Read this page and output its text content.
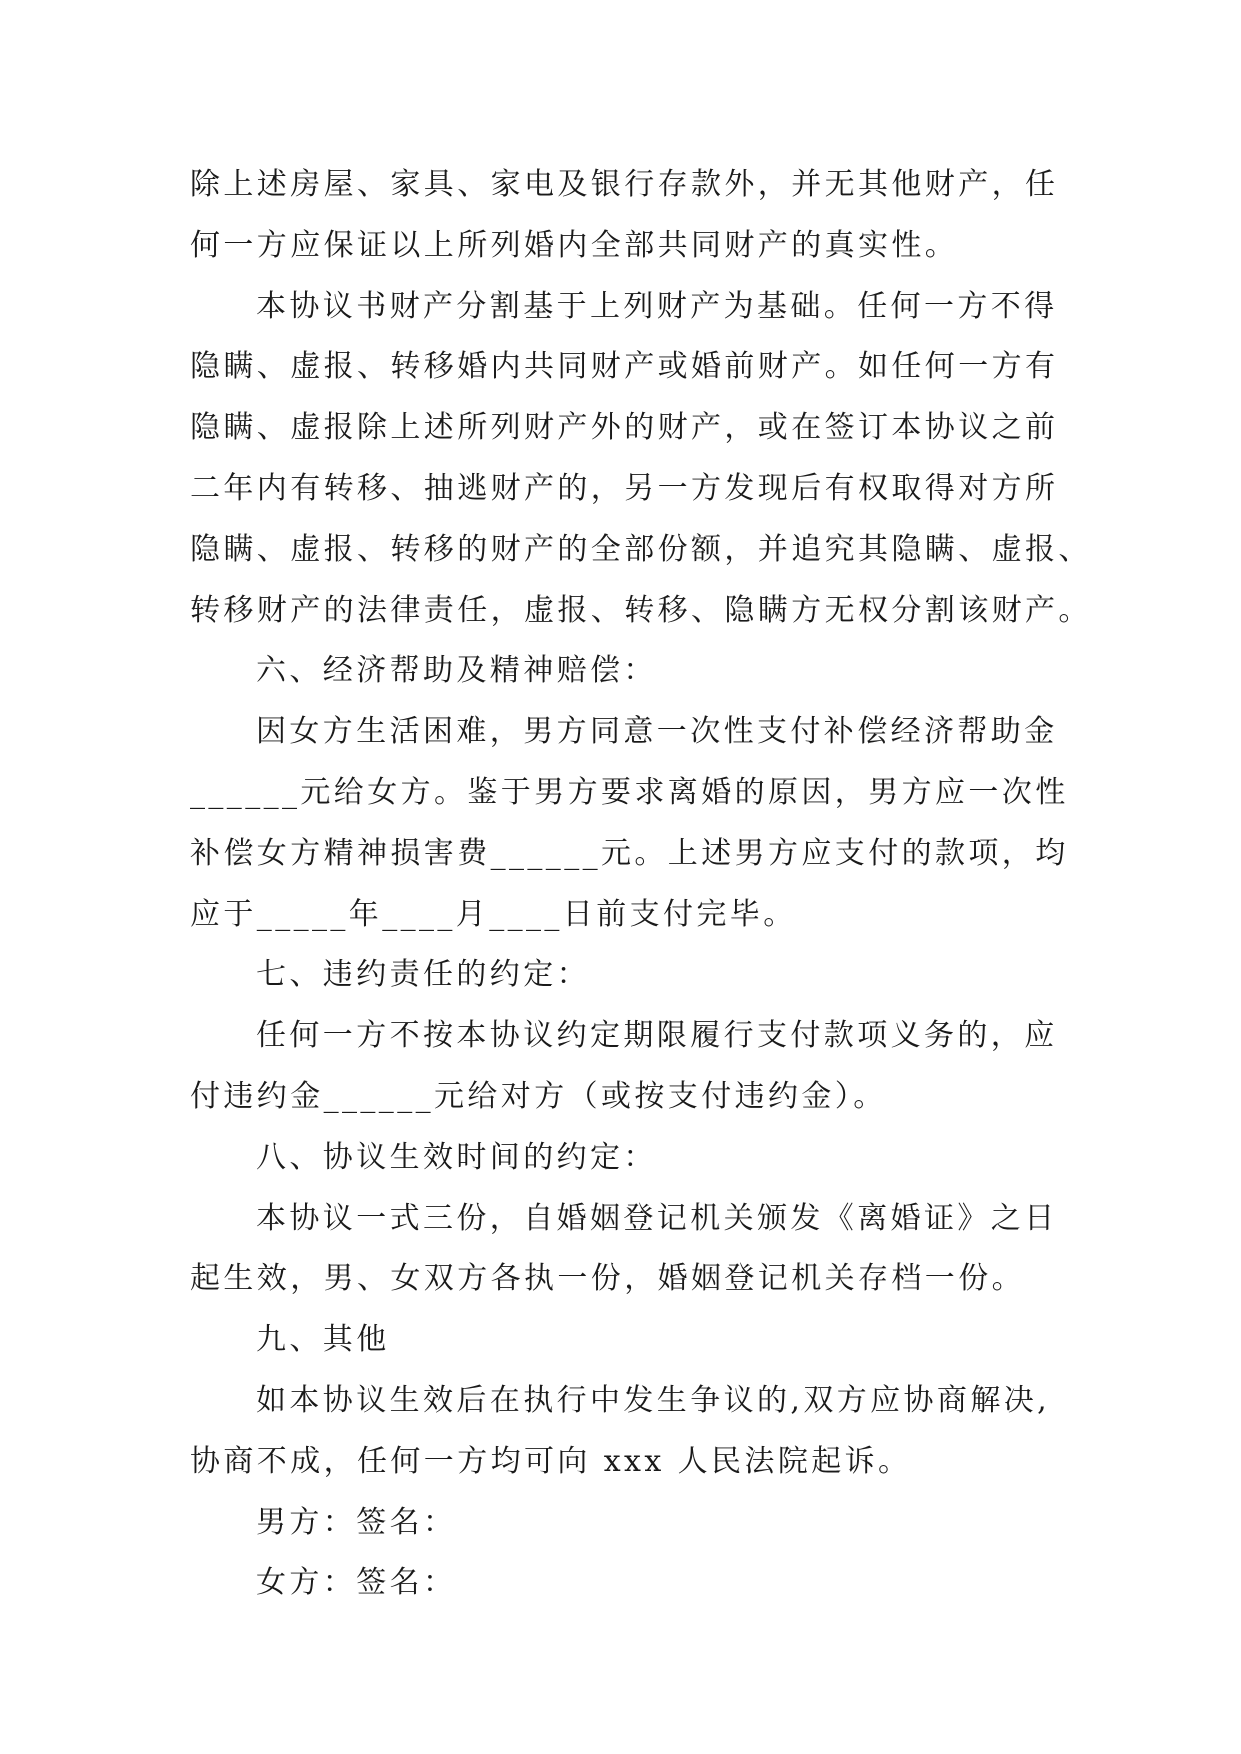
除上述房屋、家具、家电及银行存款外，并无其他财产，任
何一方应保证以上所列婚内全部共同财产的真实性。
本协议书财产分割基于上列财产为基础。任何一方不得
隐瞒、虚报、转移婚内共同财产或婚前财产。如任何一方有
隐瞒、虚报除上述所列财产外的财产，或在签订本协议之前
二年内有转移、抽逃财产的，另一方发现后有权取得对方所
隐瞒、虚报、转移的财产的全部份额，并追究其隐瞒、虚报、
转移财产的法律责任，虚报、转移、隐瞒方无权分割该财产。
六、经济帮助及精神赔偿：
因女方生活困难，男方同意一次性支付补偿经济帮助金
______元给女方。鉴于男方要求离婚的原因，男方应一次性
补偿女方精神损害费______元。上述男方应支付的款项，均
应于_____年____月____日前支付完毕。
七、违约责任的约定：
任何一方不按本协议约定期限履行支付款项义务的，应
付违约金______元给对方（或按支付违约金）。
八、协议生效时间的约定：
本协议一式三份，自婚姻登记机关颁发《离婚证》之日
起生效，男、女双方各执一份，婚姻登记机关存档一份。
九、其他
如本协议生效后在执行中发生争议的,双方应协商解决,
协商不成，任何一方均可向 xxx 人民法院起诉。
男方：签名：
女方：签名：
